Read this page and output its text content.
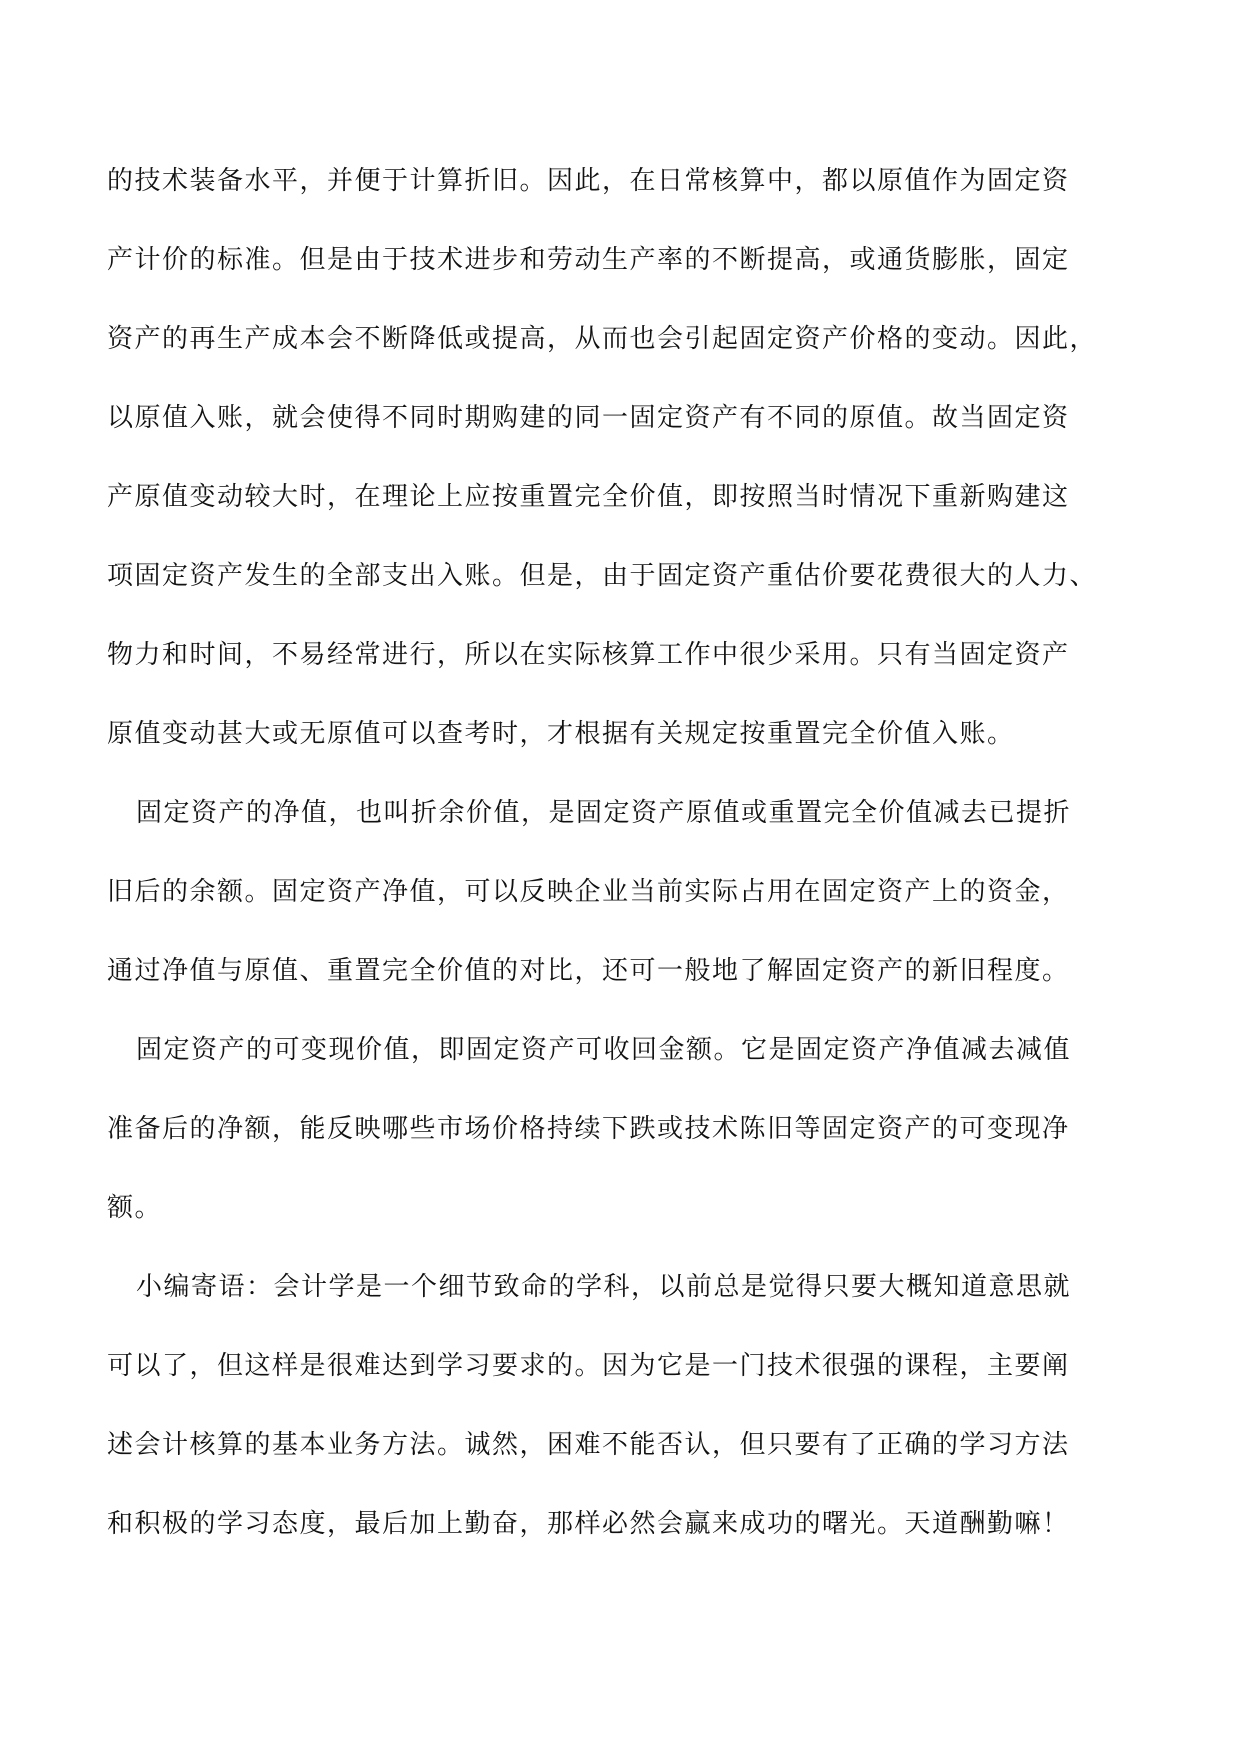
的技术装备水平，并便于计算折旧。因此，在日常核算中，都以原值作为固定资
产计价的标准。但是由于技术进步和劳动生产率的不断提高，或通货膨胀，固定
资产的再生产成本会不断降低或提高，从而也会引起固定资产价格的变动。因此，
以原值入账，就会使得不同时期购建的同一固定资产有不同的原值。故当固定资
产原值变动较大时，在理论上应按重置完全价值，即按照当时情况下重新购建这
项固定资产发生的全部支出入账。但是，由于固定资产重估价要花费很大的人力、
物力和时间，不易经常进行，所以在实际核算工作中很少采用。只有当固定资产
原值变动甚大或无原值可以查考时，才根据有关规定按重置完全价值入账。
固定资产的净值，也叫折余价值，是固定资产原值或重置完全价值减去已提折
旧后的余额。固定资产净值，可以反映企业当前实际占用在固定资产上的资金，
通过净值与原值、重置完全价值的对比，还可一般地了解固定资产的新旧程度。
固定资产的可变现价值，即固定资产可收回金额。它是固定资产净值减去减值
准备后的净额，能反映哪些市场价格持续下跌或技术陈旧等固定资产的可变现净
额。
小编寄语：会计学是一个细节致命的学科，以前总是觉得只要大概知道意思就
可以了，但这样是很难达到学习要求的。因为它是一门技术很强的课程，主要阐
述会计核算的基本业务方法。诚然，困难不能否认，但只要有了正确的学习方法
和积极的学习态度，最后加上勤奋，那样必然会赢来成功的曙光。天道酬勤嘛！
